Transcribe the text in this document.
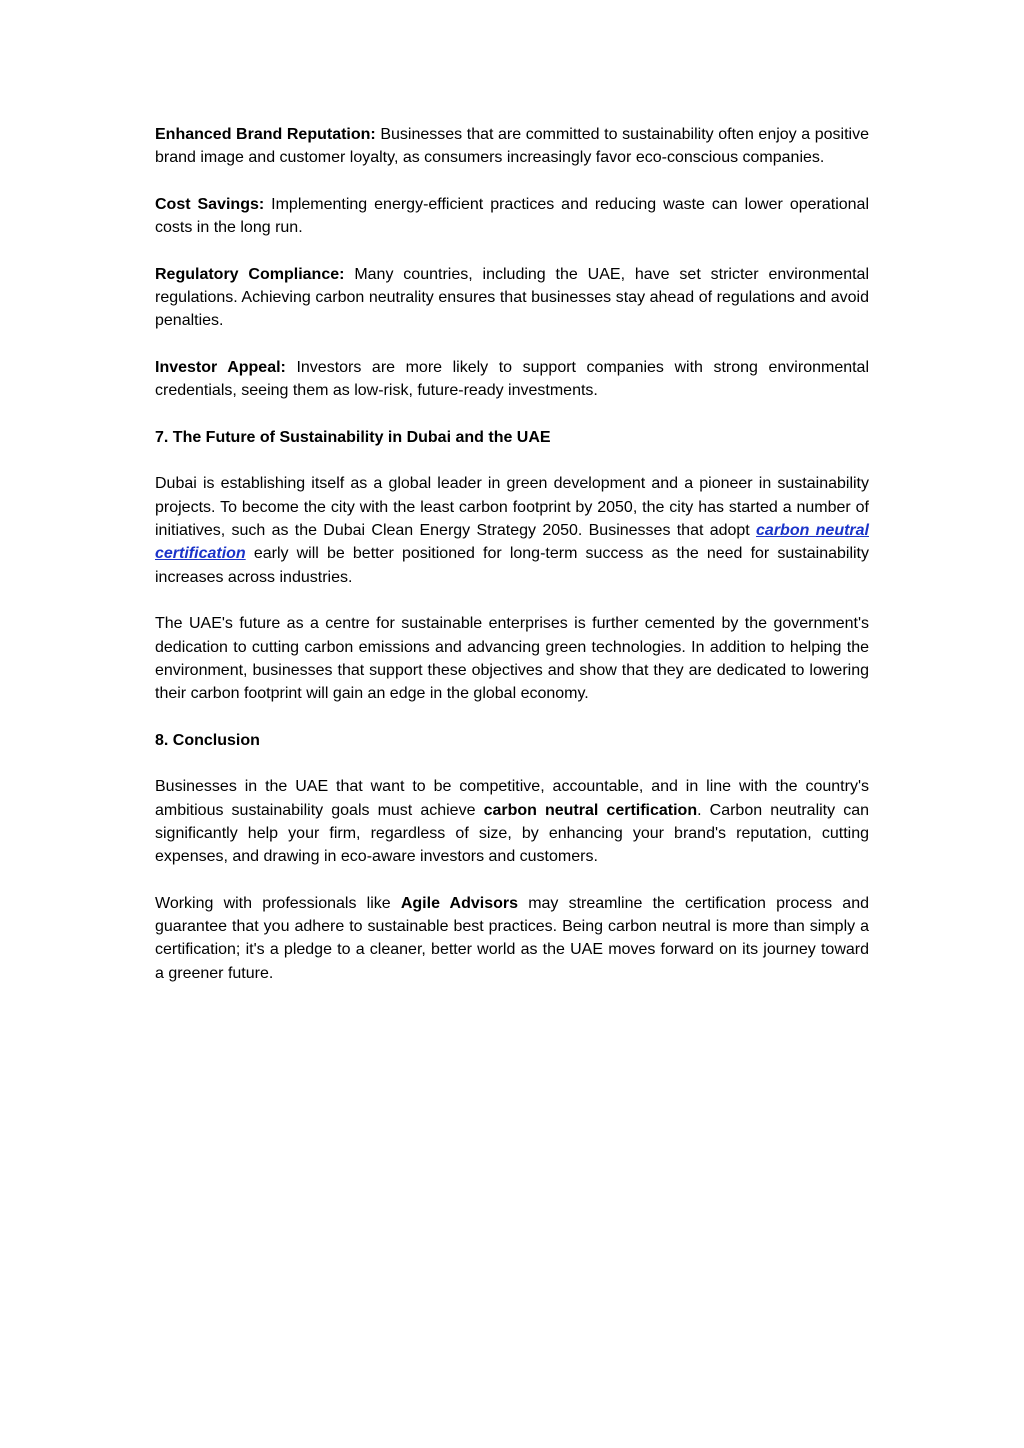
Enhanced Brand Reputation: Businesses that are committed to sustainability often enjoy a positive brand image and customer loyalty, as consumers increasingly favor eco-conscious companies.

Cost Savings: Implementing energy-efficient practices and reducing waste can lower operational costs in the long run.

Regulatory Compliance: Many countries, including the UAE, have set stricter environmental regulations. Achieving carbon neutrality ensures that businesses stay ahead of regulations and avoid penalties.

Investor Appeal: Investors are more likely to support companies with strong environmental credentials, seeing them as low-risk, future-ready investments.

7. The Future of Sustainability in Dubai and the UAE

Dubai is establishing itself as a global leader in green development and a pioneer in sustainability projects. To become the city with the least carbon footprint by 2050, the city has started a number of initiatives, such as the Dubai Clean Energy Strategy 2050. Businesses that adopt carbon neutral certification early will be better positioned for long-term success as the need for sustainability increases across industries.

The UAE's future as a centre for sustainable enterprises is further cemented by the government's dedication to cutting carbon emissions and advancing green technologies. In addition to helping the environment, businesses that support these objectives and show that they are dedicated to lowering their carbon footprint will gain an edge in the global economy.

8. Conclusion

Businesses in the UAE that want to be competitive, accountable, and in line with the country's ambitious sustainability goals must achieve carbon neutral certification. Carbon neutrality can significantly help your firm, regardless of size, by enhancing your brand's reputation, cutting expenses, and drawing in eco-aware investors and customers.

Working with professionals like Agile Advisors may streamline the certification process and guarantee that you adhere to sustainable best practices. Being carbon neutral is more than simply a certification; it's a pledge to a cleaner, better world as the UAE moves forward on its journey toward a greener future.
